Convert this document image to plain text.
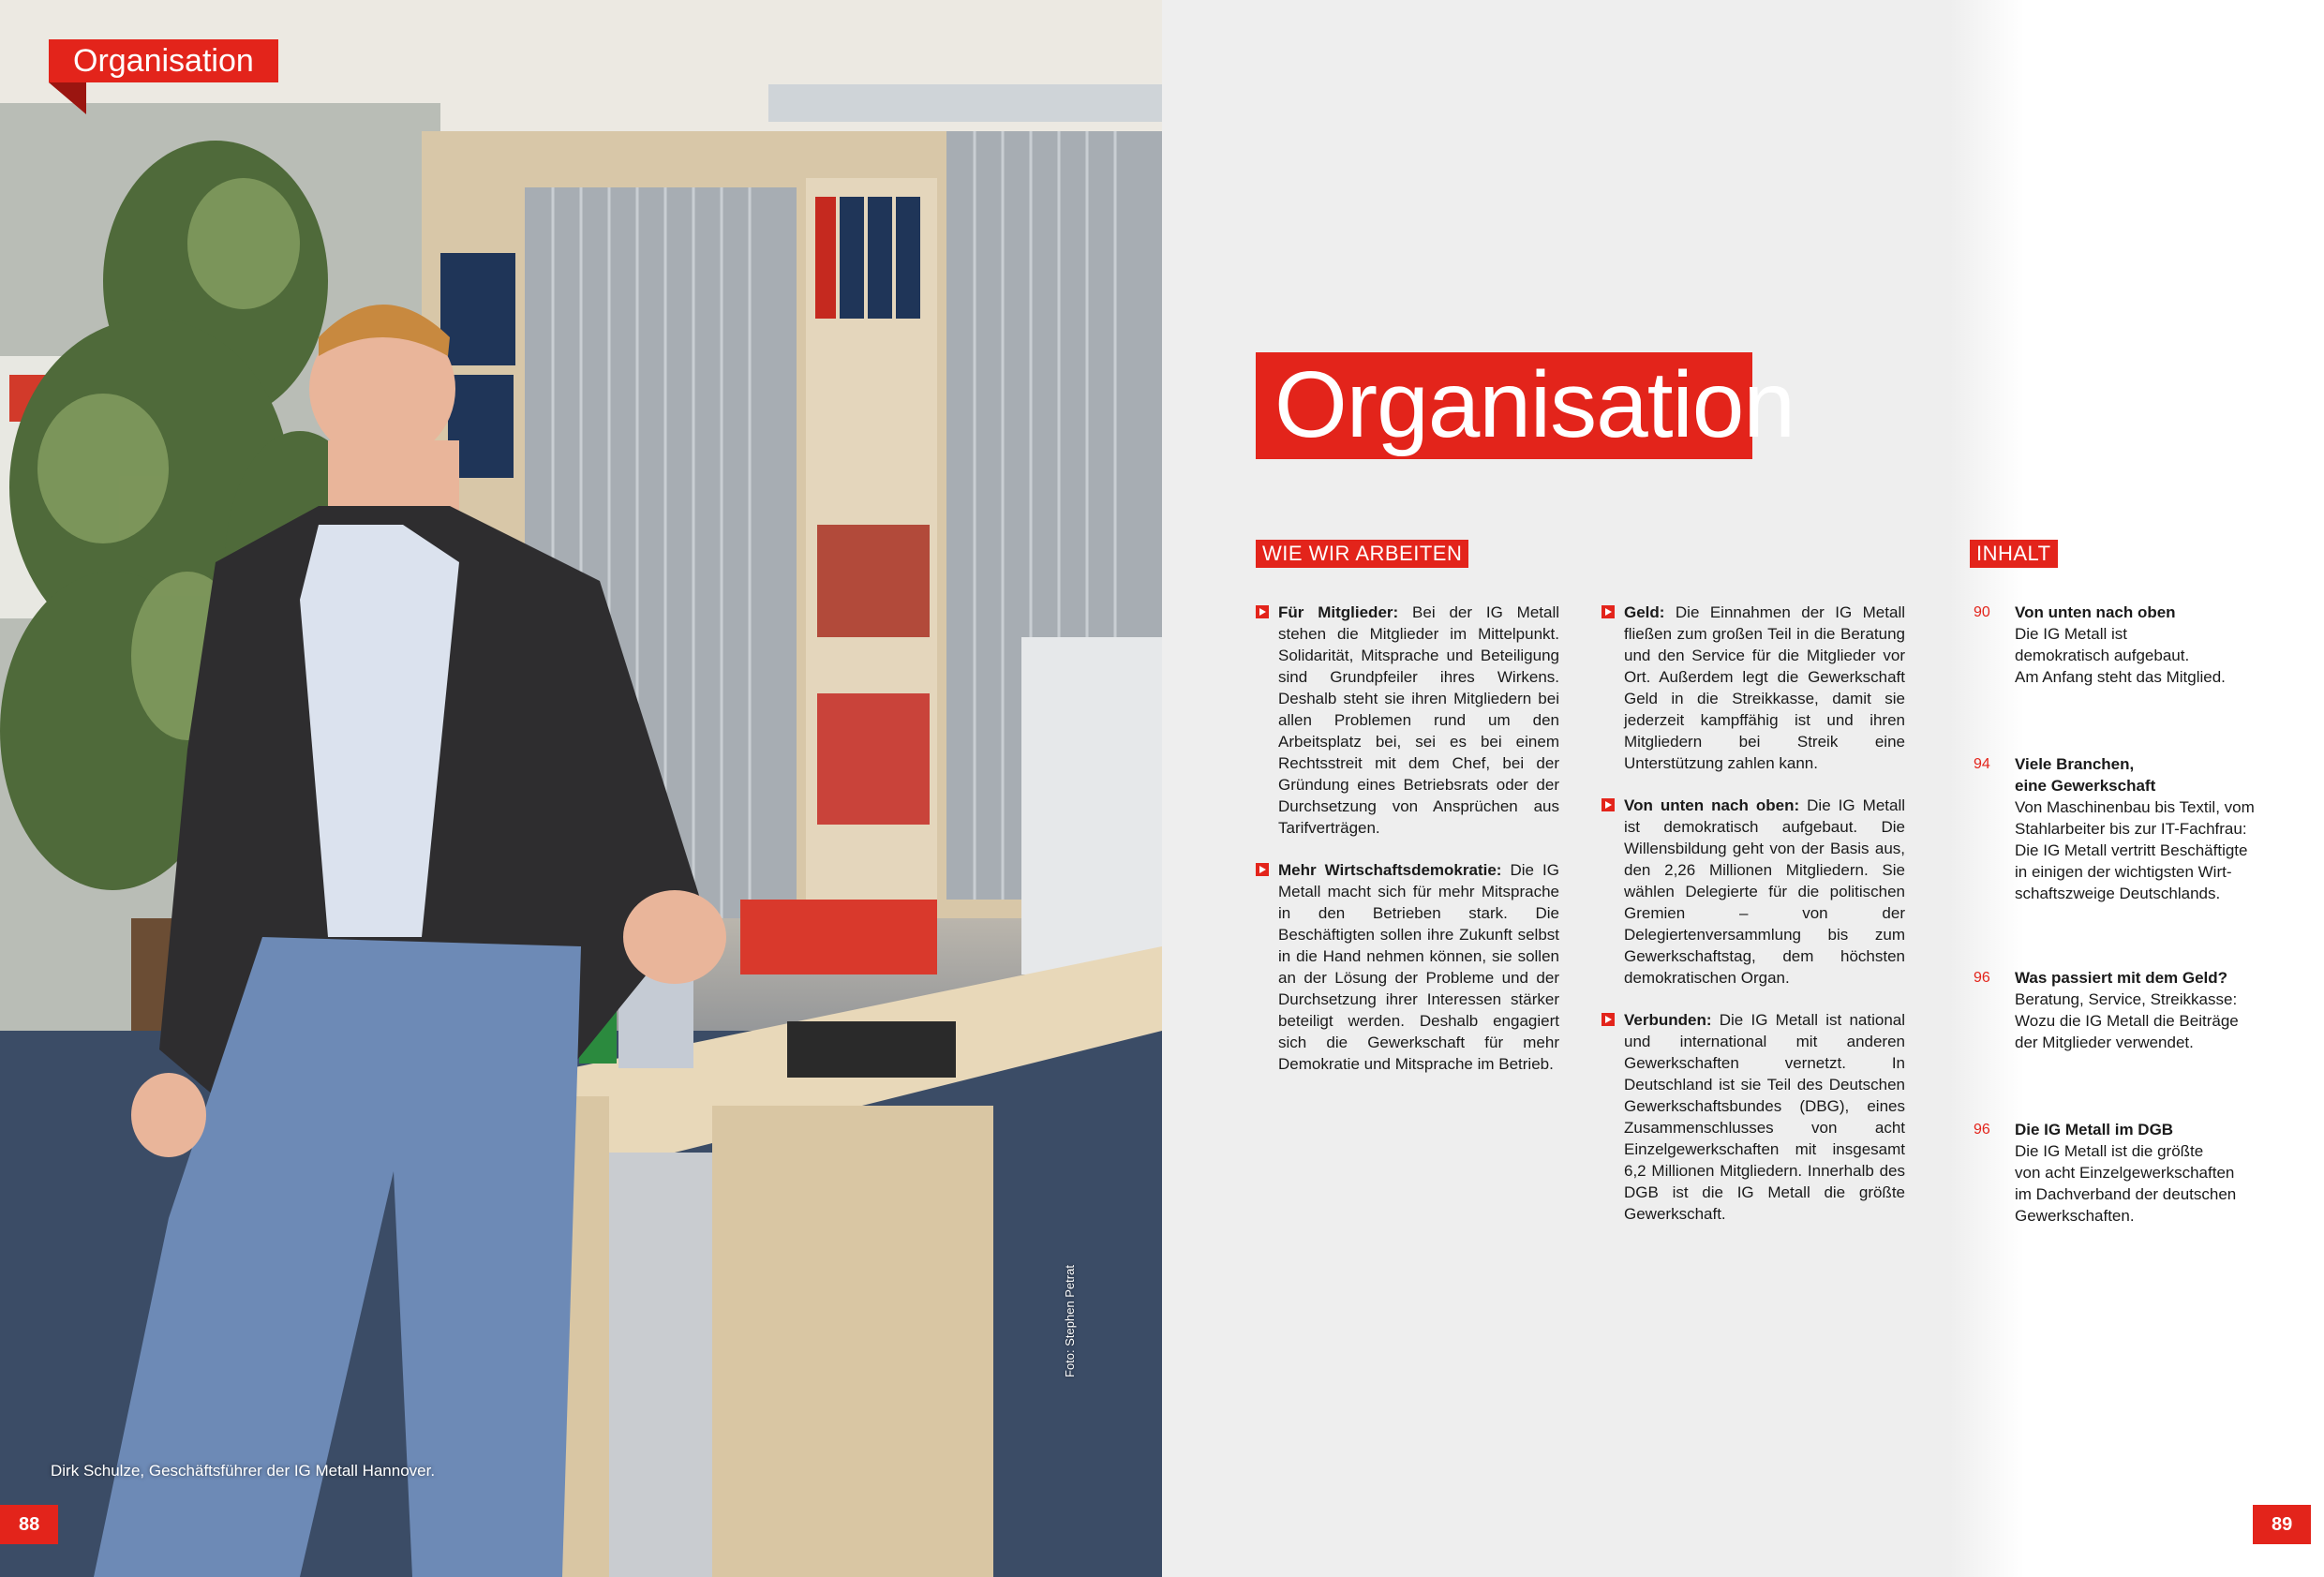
Organisation
Dirk Schulze, Geschäftsführer der IG Metall Hannover.
Foto: Stephen Petrat
88
Organisation
WIE WIR ARBEITEN	INHALT
Für Mitglieder: Bei der IG Metall stehen die Mitglieder im Mittelpunkt. Solidarität, Mitsprache und Beteiligung sind Grundpfeiler ihres Wirkens. Deshalb steht sie ihren Mitgliedern bei allen Problemen rund um den Arbeitsplatz bei, sei es bei einem Rechtsstreit mit dem Chef, bei der Gründung eines Betriebsrats oder der Durchsetzung von Ansprüchen aus Tarifverträgen.
Mehr Wirtschaftsdemokratie: Die IG Metall macht sich für mehr Mitsprache in den Betrieben stark. Die Beschäftigten sollen ihre Zukunft selbst in die Hand nehmen können, sie sollen an der Lösung der Probleme und der Durchsetzung ihrer Interessen stärker beteiligt werden. Deshalb engagiert sich die Gewerkschaft für mehr Demokratie und Mitsprache im Betrieb.
Geld: Die Einnahmen der IG Metall fließen zum großen Teil in die Beratung und den Service für die Mitglieder vor Ort. Außerdem legt die Gewerkschaft Geld in die Streikkasse, damit sie jederzeit kampffähig ist und ihren Mitgliedern bei Streik eine Unterstützung zahlen kann.
Von unten nach oben: Die IG Metall ist demokratisch aufgebaut. Die Willensbildung geht von der Basis aus, den 2,26 Millionen Mitgliedern. Sie wählen Delegierte für die politischen Gremien – von der Delegiertenversammlung bis zum Gewerkschaftstag, dem höchsten demokratischen Organ.
Verbunden: Die IG Metall ist national und international mit anderen Gewerkschaften vernetzt. In Deutschland ist sie Teil des Deutschen Gewerkschaftsbundes (DBG), eines Zusammenschlusses von acht Einzelgewerkschaften mit insgesamt 6,2 Millionen Mitgliedern. Innerhalb des DGB ist die IG Metall die größte Gewerkschaft.
90 Von unten nach oben
Die IG Metall ist
demokratisch aufgebaut.
Am Anfang steht das Mitglied.
94 Viele Branchen,
eine Gewerkschaft
Von Maschinenbau bis Textil, vom
Stahlarbeiter bis zur IT-Fachfrau:
Die IG Metall vertritt Beschäftigte
in einigen der wichtigsten Wirt-
schaftszweige Deutschlands.
96 Was passiert mit dem Geld?
Beratung, Service, Streikkasse:
Wozu die IG Metall die Beiträge
der Mitglieder verwendet.
96 Die IG Metall im DGB
Die IG Metall ist die größte
von acht Einzelgewerkschaften
im Dachverband der deutschen
Gewerkschaften.
89
